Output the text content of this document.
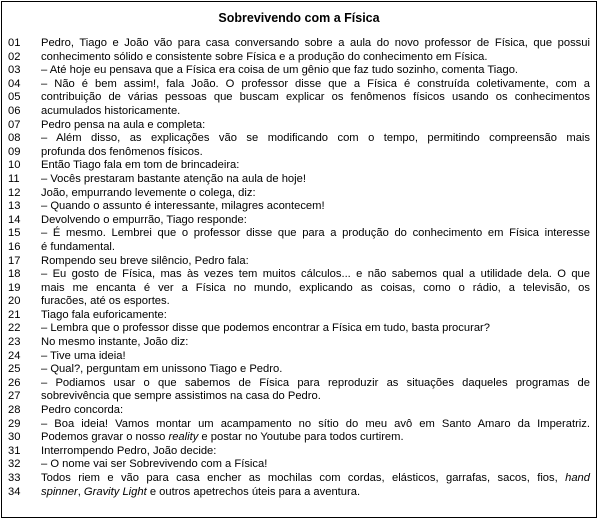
Sobrevivendo com a Física
01	Pedro, Tiago e João vão para casa conversando sobre a aula do novo professor de Física, que possui
02	conhecimento sólido e consistente sobre Física e a produção do conhecimento em Física.
03	– Até hoje eu pensava que a Física era coisa de um gênio que faz tudo sozinho, comenta Tiago.
04	– Não é bem assim!, fala João. O professor disse que a Física é construída coletivamente, com a
05	contribuição de várias pessoas que buscam explicar os fenômenos físicos usando os conhecimentos
06	acumulados historicamente.
07	Pedro pensa na aula e completa:
08	– Além disso, as explicações vão se modificando com o tempo, permitindo compreensão mais
09	profunda dos fenômenos físicos.
10	Então Tiago fala em tom de brincadeira:
11	– Vocês prestaram bastante atenção na aula de hoje!
12	João, empurrando levemente o colega, diz:
13	– Quando o assunto é interessante, milagres acontecem!
14	Devolvendo o empurrão, Tiago responde:
15	– É mesmo. Lembrei que o professor disse que para a produção do conhecimento em Física interesse
16	é fundamental.
17	Rompendo seu breve silêncio, Pedro fala:
18	– Eu gosto de Física, mas às vezes tem muitos cálculos... e não sabemos qual a utilidade dela. O que
19	mais me encanta é ver a Física no mundo, explicando as coisas, como o rádio, a televisão, os
20	furacões, até os esportes.
21	Tiago fala euforicamente:
22	– Lembra que o professor disse que podemos encontrar a Física em tudo, basta procurar?
23	No mesmo instante, João diz:
24	– Tive uma ideia!
25	– Qual?, perguntam em unissono Tiago e Pedro.
26	– Podiamos usar o que sabemos de Física para reproduzir as situações daqueles programas de
27	sobrevivência que sempre assistimos na casa do Pedro.
28	Pedro concorda:
29	– Boa ideia! Vamos montar um acampamento no sítio do meu avô em Santo Amaro da Imperatriz.
30	Podemos gravar o nosso reality e postar no Youtube para todos curtirem.
31	Interrompendo Pedro, João decide:
32	– O nome vai ser Sobrevivendo com a Física!
33	Todos riem e vão para casa encher as mochilas com cordas, elásticos, garrafas, sacos, fios, hand
34	spinner, Gravity Light e outros apetrechos úteis para a aventura.
